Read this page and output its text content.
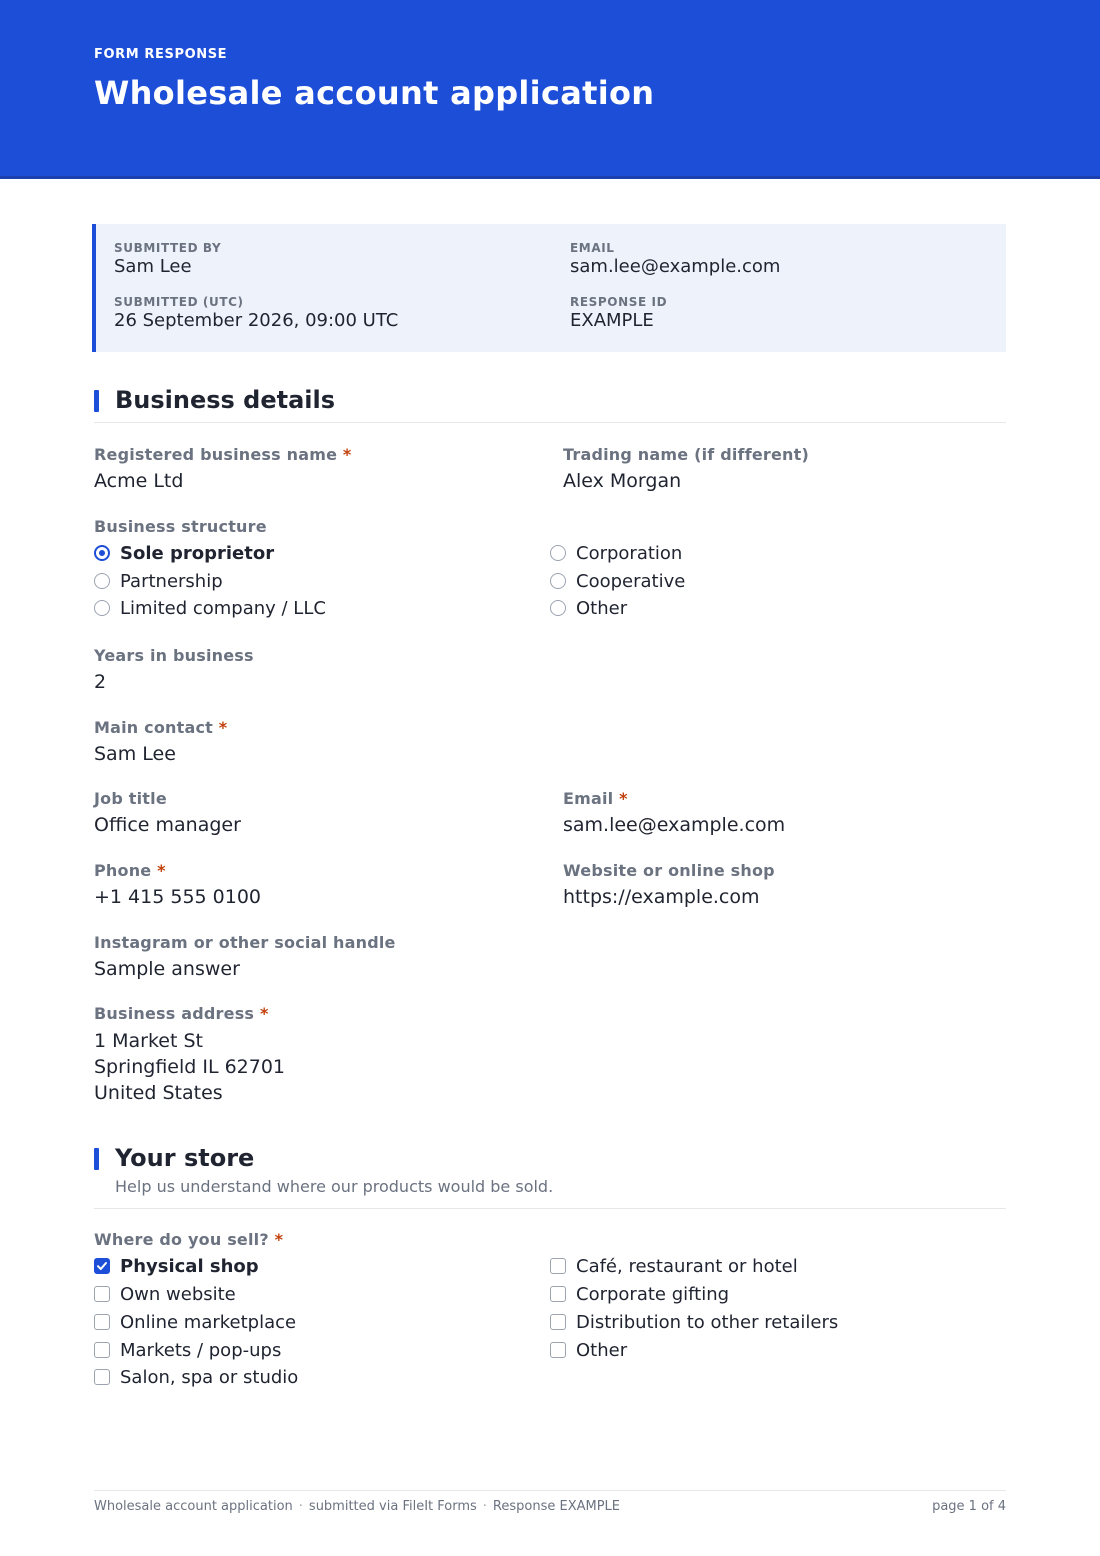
FORM RESPONSE
Wholesale account application
SUBMITTED BY
Sam Lee
EMAIL
sam.lee@example.com
SUBMITTED (UTC)
26 September 2026, 09:00 UTC
RESPONSE ID
EXAMPLE
Business details
Registered business name *
Acme Ltd
Trading name (if different)
Alex Morgan
Business structure
Sole proprietor
Partnership
Limited company / LLC
Corporation
Cooperative
Other
Years in business
2
Main contact *
Sam Lee
Job title
Office manager
Email *
sam.lee@example.com
Phone *
+1 415 555 0100
Website or online shop
https://example.com
Instagram or other social handle
Sample answer
Business address *
1 Market St
Springfield IL 62701
United States
Your store
Help us understand where our products would be sold.
Where do you sell? *
Physical shop
Own website
Online marketplace
Markets / pop-ups
Salon, spa or studio
Café, restaurant or hotel
Corporate gifting
Distribution to other retailers
Other
Wholesale account application · submitted via FileIt Forms · Response EXAMPLE	page 1 of 4
